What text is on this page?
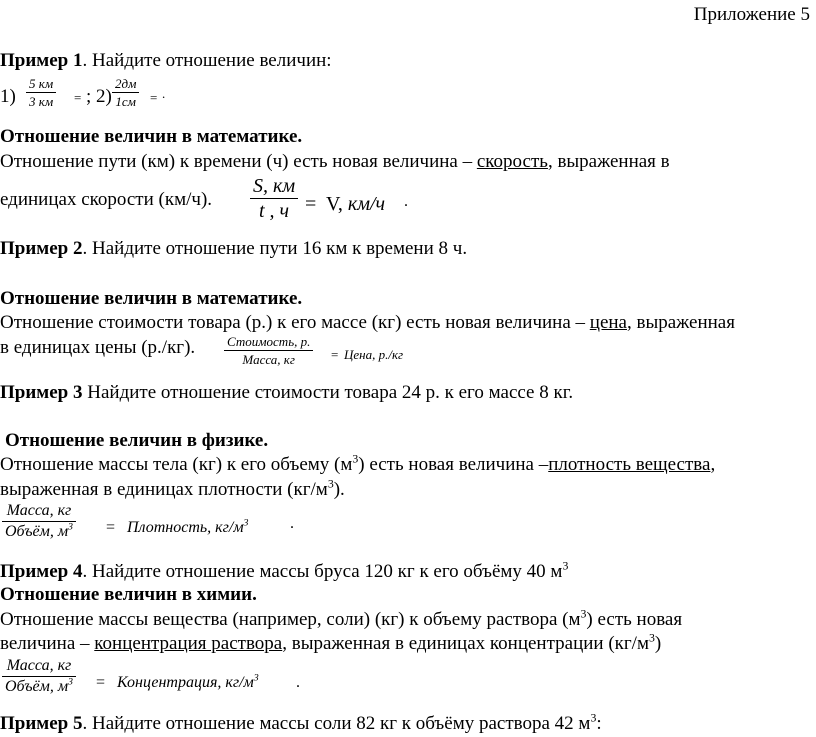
Приложение 5
Пример 1. Найдите отношение величин:
1)
5 км
3 км = ; 2)
2дм
1см = .
Отношение величин в математике.
Отношение пути (км) к времени (ч) есть новая величина – скорость, выраженная в
единицах скорости (км/ч).
S, км
t , ч = V, км/ч .
Пример 2. Найдите отношение пути 16 км к времени 8 ч.
Отношение величин в математике.
Отношение стоимости товара (р.) к его массе (кг) есть новая величина – цена, выраженная
в единицах цены (р./кг). Стоимость, р.
Масса, кг	= Цена, р./кг
Пример 3 Найдите отношение стоимости товара 24 р. к его массе 8 кг.
Отношение величин в физике.
Отношение массы тела (кг) к его объему $(м^3)$ есть новая величина –плотность вещества,
выраженная в единицах плотности $(кг/м^3)$.
Масса, кг
Объём, $м^3$ = Плотность, $кг/м^3$	.
Пример 4. Найдите отношение массы бруса 120 кг к его объёму 40 $м^3$
Отношение величин в химии.
Отношение массы вещества (например, соли) (кг) к объему раствора $(м^3)$ есть новая
величина – концентрация раствора, выраженная в единицах концентрации $(кг/м^3)$
Масса, кг
Объём, $м^3$ = Концентрация, $кг/м^3$ .
Пример 5. Найдите отношение массы соли 82 кг к объёму раствора 42 $м^3$:
